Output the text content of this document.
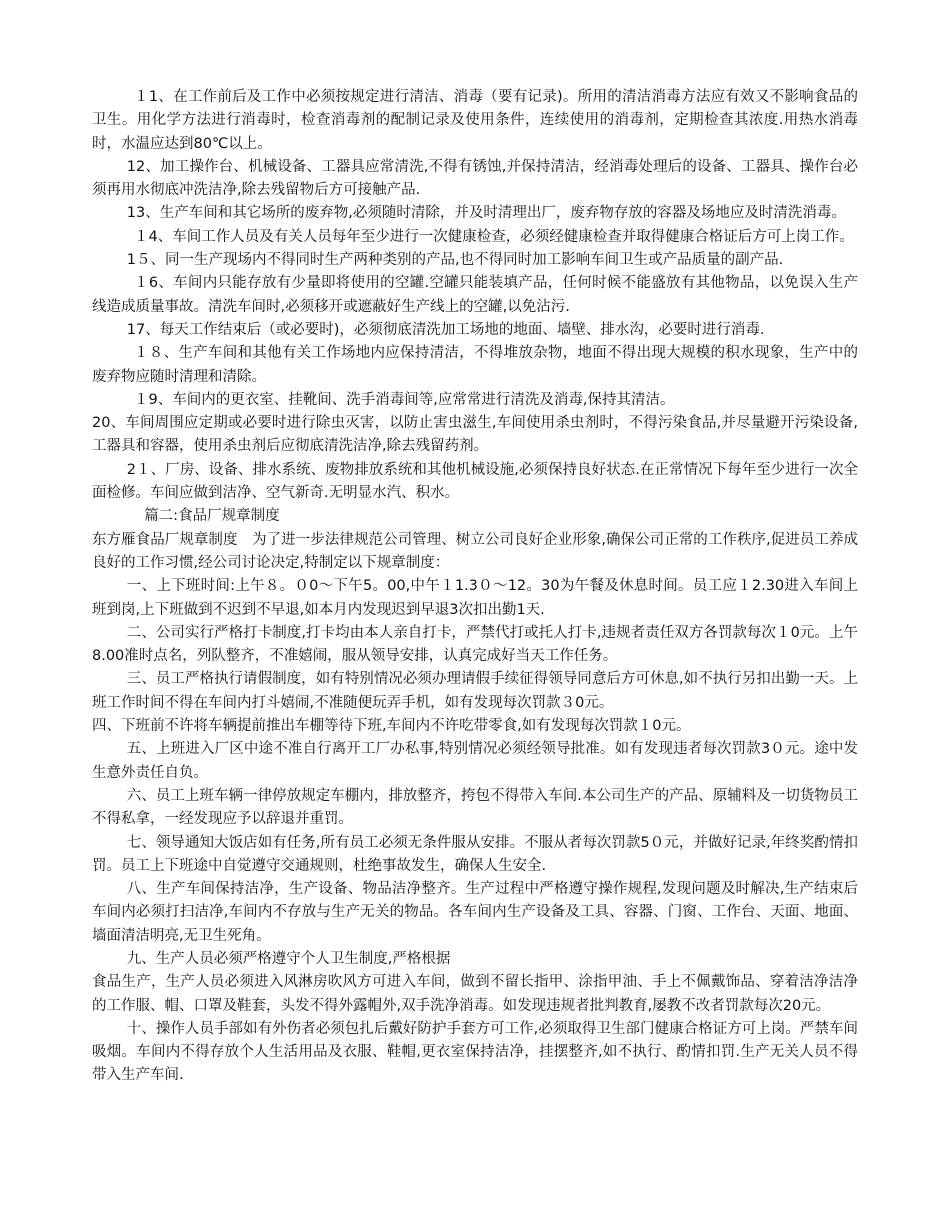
１1、在工作前后及工作中必须按规定进行清洁、消毒（要有记录)。所用的清洁消毒方法应有效又不影响食品的卫生。用化学方法进行消毒时，检查消毒剂的配制记录及使用条件，连续使用的消毒剂，定期检查其浓度.用热水消毒时，水温应达到80℃以上。

12、加工操作台、机械设备、工器具应常清洗,不得有锈蚀,并保持清洁，经消毒处理后的设备、工器具、操作台必须再用水彻底冲洗洁净,除去残留物后方可接触产品.

13、生产车间和其它场所的废弃物,必须随时清除，并及时清理出厂，废弃物存放的容器及场地应及时清洗消毒。

１4、车间工作人员及有关人员每年至少进行一次健康检查，必须经健康检查并取得健康合格证后方可上岗工作。

1５、同一生产现场内不得同时生产两种类别的产品,也不得同时加工影响车间卫生或产品质量的副产品.

１6、车间内只能存放有少量即将使用的空罐.空罐只能装填产品，任何时候不能盛放有其他物品，以免误入生产线造成质量事故。清洗车间时,必须移开或遮蔽好生产线上的空罐,以免沾污.

17、每天工作结束后（或必要时)，必须彻底清洗加工场地的地面、墙壁、排水沟，必要时进行消毒.

１８、生产车间和其他有关工作场地内应保持清洁，不得堆放杂物，地面不得出现大规模的积水现象，生产中的废弃物应随时清理和清除。

１9、车间内的更衣室、挂靴间、洗手消毒间等,应常常进行清洗及消毒,保持其清洁。

20、车间周围应定期或必要时进行除虫灭害，以防止害虫滋生,车间使用杀虫剂时，不得污染食品,并尽量避开污染设备,工器具和容器，使用杀虫剂后应彻底清洗洁净,除去残留药剂。

2１、厂房、设备、排水系统、废物排放系统和其他机械设施,必须保持良好状态.在正常情况下每年至少进行一次全面检修。车间应做到洁净、空气新奇.无明显水汽、积水。

篇二:食品厂规章制度

东方雁食品厂规章制度　为了进一步法律规范公司管理、树立公司良好企业形象,确保公司正常的工作秩序,促进员工养成良好的工作习惯,经公司讨论决定,特制定以下规章制度：

一、上下班时间:上午８。０0～下午5。00,中午１1.3０～12。30为午餐及休息时间。员工应１2.30进入车间上班到岗,上下班做到不迟到不早退,如本月内发现迟到早退3次扣出勤1天.

二、公司实行严格打卡制度,打卡均由本人亲自打卡，严禁代打或托人打卡,违规者责任双方各罚款每次１0元。上午8.00准时点名，列队整齐，不准嬉闹，服从领导安排，认真完成好当天工作任务。

三、员工严格执行请假制度，如有特别情况必须办理请假手续征得领导同意后方可休息,如不执行另扣出勤一天。上班工作时间不得在车间内打斗嬉闹,不准随便玩弄手机，如有发现每次罚款３0元。

四、下班前不许将车辆提前推出车棚等待下班,车间内不许吃带零食,如有发现每次罚款１0元。

五、上班进入厂区中途不准自行离开工厂办私事,特别情况必须经领导批准。如有发现违者每次罚款3０元。途中发生意外责任自负。

六、员工上班车辆一律停放规定车棚内，排放整齐，挎包不得带入车间.本公司生产的产品、原辅料及一切货物员工不得私拿，一经发现应予以辞退并重罚。

七、领导通知大饭店如有任务,所有员工必须无条件服从安排。不服从者每次罚款5０元，并做好记录,年终奖酌情扣罚。员工上下班途中自觉遵守交通规则，杜绝事故发生，确保人生安全.

八、生产车间保持洁净，生产设备、物品洁净整齐。生产过程中严格遵守操作规程,发现问题及时解决,生产结束后车间内必须打扫洁净,车间内不存放与生产无关的物品。各车间内生产设备及工具、容器、门窗、工作台、天面、地面、墙面清洁明亮,无卫生死角。

九、生产人员必须严格遵守个人卫生制度,严格根据

食品生产，生产人员必须进入风淋房吹风方可进入车间，做到不留长指甲、涂指甲油、手上不佩戴饰品、穿着洁净洁净的工作服、帽、口罩及鞋套，头发不得外露帽外,双手洗净消毒。如发现违规者批判教育,屡教不改者罚款每次20元。

十、操作人员手部如有外伤者必须包扎后戴好防护手套方可工作,必须取得卫生部门健康合格证方可上岗。严禁车间吸烟。车间内不得存放个人生活用品及衣服、鞋帽,更衣室保持洁净，挂摆整齐,如不执行、酌情扣罚.生产无关人员不得带入生产车间.
